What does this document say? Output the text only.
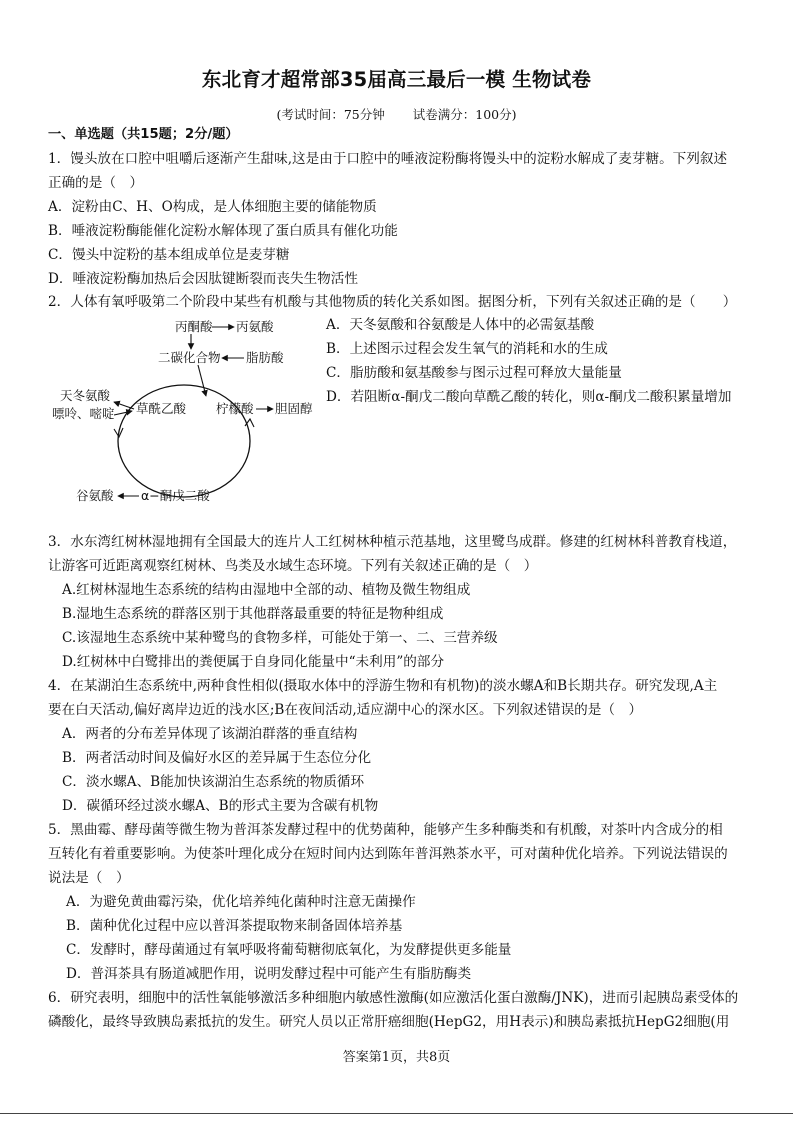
东北育才超常部35届高三最后一模 生物试卷
(考试时间：75分钟 试卷满分：100分)
一、单选题（共15题；2分/题）
1．馒头放在口腔中咀嚼后逐渐产生甜味,这是由于口腔中的唾液淀粉酶将馒头中的淀粉水解成了麦芽糖。下列叙述
正确的是（　）
A．淀粉由C、H、O构成，是人体细胞主要的储能物质
B．唾液淀粉酶能催化淀粉水解体现了蛋白质具有催化功能
C．馒头中淀粉的基本组成单位是麦芽糖
D．唾液淀粉酶加热后会因肽键断裂而丧失生物活性
2．人体有氧呼吸第二个阶段中某些有机酸与其他物质的转化关系如图。据图分析，下列有关叙述正确的是（　　）
丙酮酸 丙氨酸
二碳化合物 脂肪酸
天冬氨酸
嘌呤、嘧啶 草酰乙酸 柠檬酸 胆固醇
谷氨酸 α−酮戊二酸
A．天冬氨酸和谷氨酸是人体中的必需氨基酸
B．上述图示过程会发生氧气的消耗和水的生成
C．脂肪酸和氨基酸参与图示过程可释放大量能量
D．若阻断α-酮戊二酸向草酰乙酸的转化，则α-酮戊二酸积累量增加
3．水东湾红树林湿地拥有全国最大的连片人工红树林种植示范基地，这里鹭鸟成群。修建的红树林科普教育栈道，
让游客可近距离观察红树林、鸟类及水域生态环境。下列有关叙述正确的是（　）
A.红树林湿地生态系统的结构由湿地中全部的动、植物及微生物组成
B.湿地生态系统的群落区别于其他群落最重要的特征是物种组成
C.该湿地生态系统中某种鹭鸟的食物多样，可能处于第一、二、三营养级
D.红树林中白鹭排出的粪便属于自身同化能量中“未利用”的部分
4．在某湖泊生态系统中,两种食性相似(摄取水体中的浮游生物和有机物)的淡水螺A和B长期共存。研究发现,A主
要在白天活动,偏好离岸边近的浅水区;B在夜间活动,适应湖中心的深水区。下列叙述错误的是（　）
A．两者的分布差异体现了该湖泊群落的垂直结构
B．两者活动时间及偏好水区的差异属于生态位分化
C．淡水螺A、B能加快该湖泊生态系统的物质循环
D．碳循环经过淡水螺A、B的形式主要为含碳有机物
5．黑曲霉、酵母菌等微生物为普洱茶发酵过程中的优势菌种，能够产生多种酶类和有机酸，对茶叶内含成分的相
互转化有着重要影响。为使茶叶理化成分在短时间内达到陈年普洱熟茶水平，可对菌种优化培养。下列说法错误的
说法是（　）
A．为避免黄曲霉污染，优化培养纯化菌种时注意无菌操作
B．菌种优化过程中应以普洱茶提取物来制备固体培养基
C．发酵时，酵母菌通过有氧呼吸将葡萄糖彻底氧化，为发酵提供更多能量
D．普洱茶具有肠道减肥作用，说明发酵过程中可能产生有脂肪酶类
6．研究表明，细胞中的活性氧能够激活多种细胞内敏感性激酶(如应激活化蛋白激酶/JNK)，进而引起胰岛素受体的
磷酸化，最终导致胰岛素抵抗的发生。研究人员以正常肝癌细胞(HepG2，用H表示)和胰岛素抵抗HepG2细胞(用
答案第1页，共8页
